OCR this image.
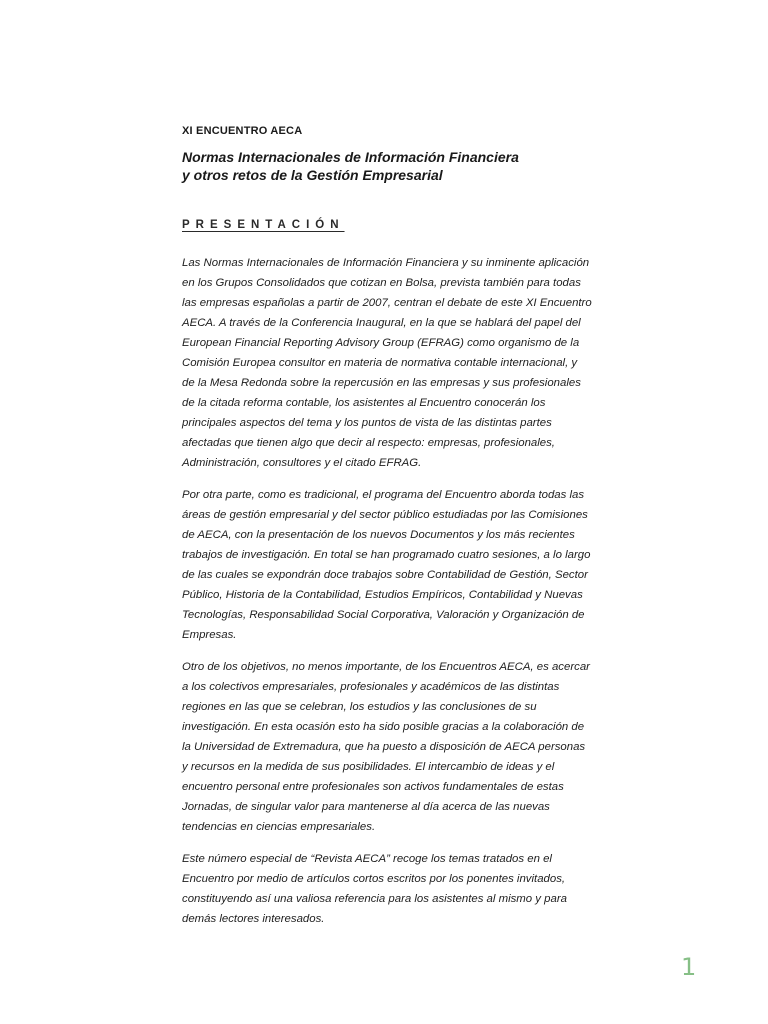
XI ENCUENTRO AECA

Normas Internacionales de Información Financiera
y otros retos de la Gestión Empresarial
PRESENTACIÓN

Las Normas Internacionales de Información Financiera y su inminente aplicación en los Grupos Consolidados que cotizan en Bolsa, prevista también para todas las empresas españolas a partir de 2007, centran el debate de este XI Encuentro AECA. A través de la Conferencia Inaugural, en la que se hablará del papel del European Financial Reporting Advisory Group (EFRAG) como organismo de la Comisión Europea consultor en materia de normativa contable internacional, y de la Mesa Redonda sobre la repercusión en las empresas y sus profesionales de la citada reforma contable, los asistentes al Encuentro conocerán los principales aspectos del tema y los puntos de vista de las distintas partes afectadas que tienen algo que decir al respecto: empresas, profesionales, Administración, consultores y el citado EFRAG.

Por otra parte, como es tradicional, el programa del Encuentro aborda todas las áreas de gestión empresarial y del sector público estudiadas por las Comisiones de AECA, con la presentación de los nuevos Documentos y los más recientes trabajos de investigación. En total se han programado cuatro sesiones, a lo largo de las cuales se expondrán doce trabajos sobre Contabilidad de Gestión, Sector Público, Historia de la Contabilidad, Estudios Empíricos, Contabilidad y Nuevas Tecnologías, Responsabilidad Social Corporativa, Valoración y Organización de Empresas.

Otro de los objetivos, no menos importante, de los Encuentros AECA, es acercar a los colectivos empresariales, profesionales y académicos de las distintas regiones en las que se celebran, los estudios y las conclusiones de su investigación. En esta ocasión esto ha sido posible gracias a la colaboración de la Universidad de Extremadura, que ha puesto a disposición de AECA personas y recursos en la medida de sus posibilidades. El intercambio de ideas y el encuentro personal entre profesionales son activos fundamentales de estas Jornadas, de singular valor para mantenerse al día acerca de las nuevas tendencias en ciencias empresariales.

Este número especial de “Revista AECA” recoge los temas tratados en el Encuentro por medio de artículos cortos escritos por los ponentes invitados, constituyendo así una valiosa referencia para los asistentes al mismo y para demás lectores interesados.

1
